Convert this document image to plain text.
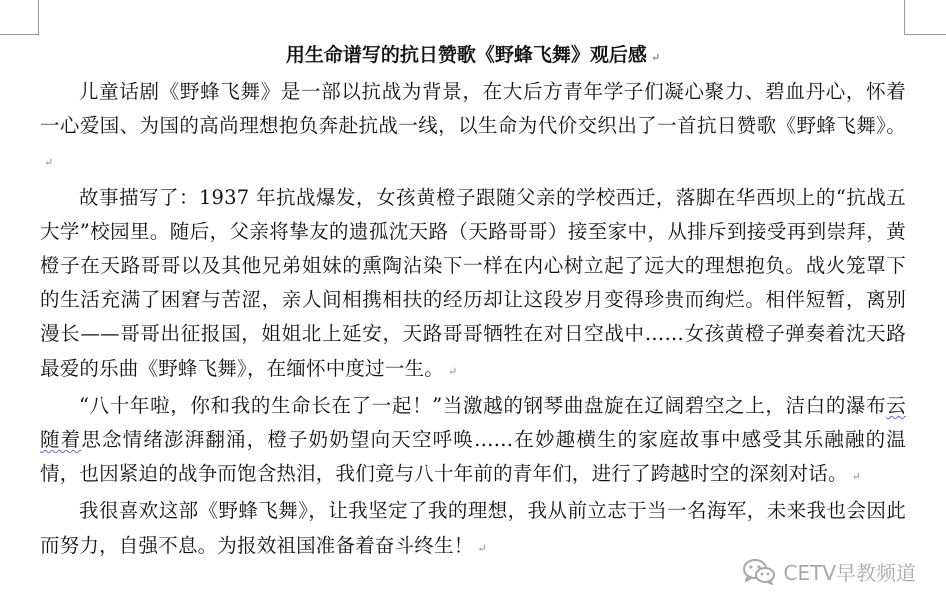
用生命谱写的抗日赞歌《野蜂飞舞》观后感 ↵

儿童话剧《野蜂飞舞》是一部以抗战为背景，在大后方青年学子们凝心聚力、碧血丹心，怀着一心爱国、为国的高尚理想抱负奔赴抗战一线，以生命为代价交织出了一首抗日赞歌《野蜂飞舞》。↵

故事描写了：1937 年抗战爆发，女孩黄橙子跟随父亲的学校西迁，落脚在华西坝上的“抗战五大学”校园里。随后，父亲将挚友的遗孤沈天路（天路哥哥）接至家中，从排斥到接受再到崇拜，黄橙子在天路哥哥以及其他兄弟姐妹的熏陶沾染下一样在内心树立起了远大的理想抱负。战火笼罩下的生活充满了困窘与苦涩，亲人间相携相扶的经历却让这段岁月变得珍贵而绚烂。相伴短暂，离别漫长——哥哥出征报国，姐姐北上延安，天路哥哥牺牲在对日空战中……女孩黄橙子弹奏着沈天路最爱的乐曲《野蜂飞舞》，在缅怀中度过一生。 ↵

“八十年啦，你和我的生命长在了一起！”当激越的钢琴曲盘旋在辽阔碧空之上，洁白的瀑布云随着思念情绪澎湃翻涌，橙子奶奶望向天空呼唤……在妙趣横生的家庭故事中感受其乐融融的温情，也因紧迫的战争而饱含热泪，我们竟与八十年前的青年们，进行了跨越时空的深刻对话。 ↵

我很喜欢这部《野蜂飞舞》，让我坚定了我的理想，我从前立志于当一名海军，未来我也会因此而努力，自强不息。为报效祖国准备着奋斗终生！ ↵

CETV早教频道
